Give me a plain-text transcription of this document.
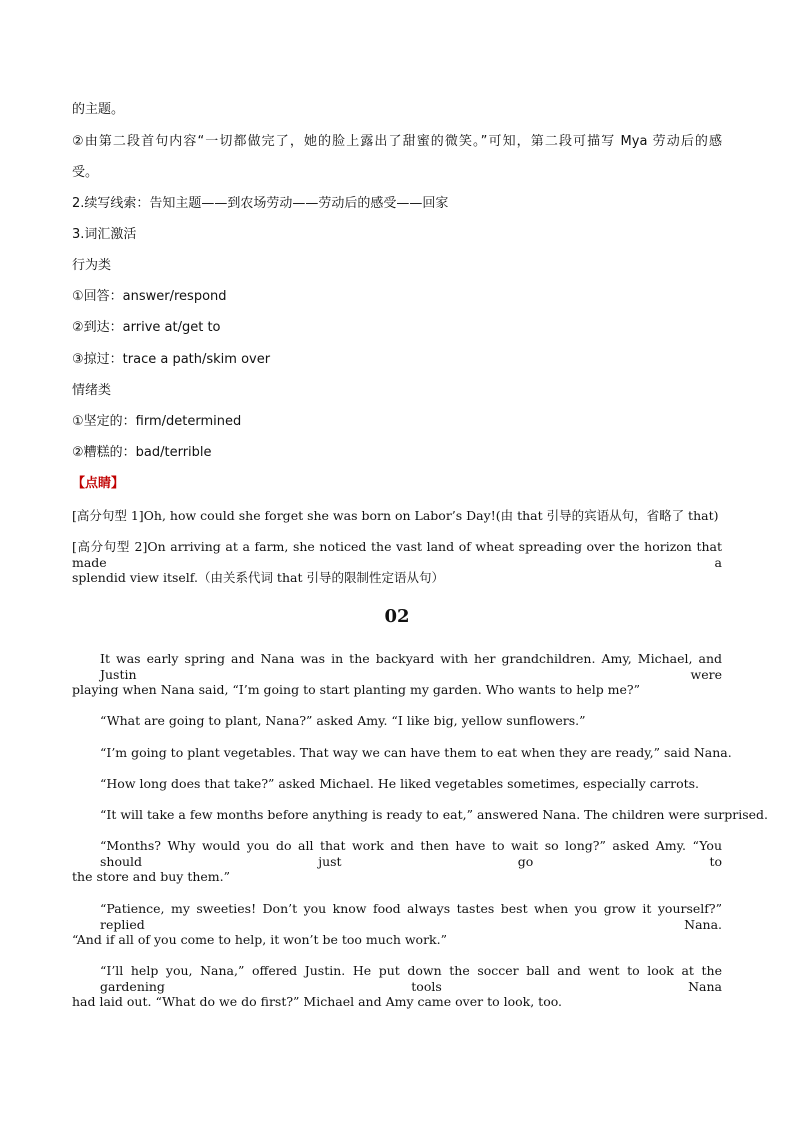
的主题。
②由第二段首句内容“一切都做完了，她的脸上露出了甜蜜的微笑。”可知，第二段可描写 Mya 劳动后的感
受。
2.续写线索：告知主题——到农场劳动——劳动后的感受——回家
3.词汇激活
行为类
①回答：answer/respond
②到达：arrive at/get to
③掠过：trace a path/skim over
情绪类
①坚定的：firm/determined
②糟糕的：bad/terrible
【点睛】
[高分句型 1]Oh, how could she forget she was born on Labor’s Day!(由 that 引导的宾语从句，省略了 that)
[高分句型 2]On arriving at a farm, she noticed the vast land of wheat spreading over the horizon that made a
splendid view itself.（由关系代词 that 引导的限制性定语从句）
02
It was early spring and Nana was in the backyard with her grandchildren. Amy, Michael, and Justin were
playing when Nana said, “I’m going to start planting my garden. Who wants to help me?”
“What are going to plant, Nana?” asked Amy. “I like big, yellow sunflowers.”
“I’m going to plant vegetables. That way we can have them to eat when they are ready,” said Nana.
“How long does that take?” asked Michael. He liked vegetables sometimes, especially carrots.
“It will take a few months before anything is ready to eat,” answered Nana. The children were surprised.
“Months? Why would you do all that work and then have to wait so long?” asked Amy. “You should just go to
the store and buy them.”
“Patience, my sweeties! Don’t you know food always tastes best when you grow it yourself?” replied Nana.
“And if all of you come to help, it won’t be too much work.”
“I’ll help you, Nana,” offered Justin. He put down the soccer ball and went to look at the gardening tools Nana
had laid out. “What do we do first?” Michael and Amy came over to look, too.
